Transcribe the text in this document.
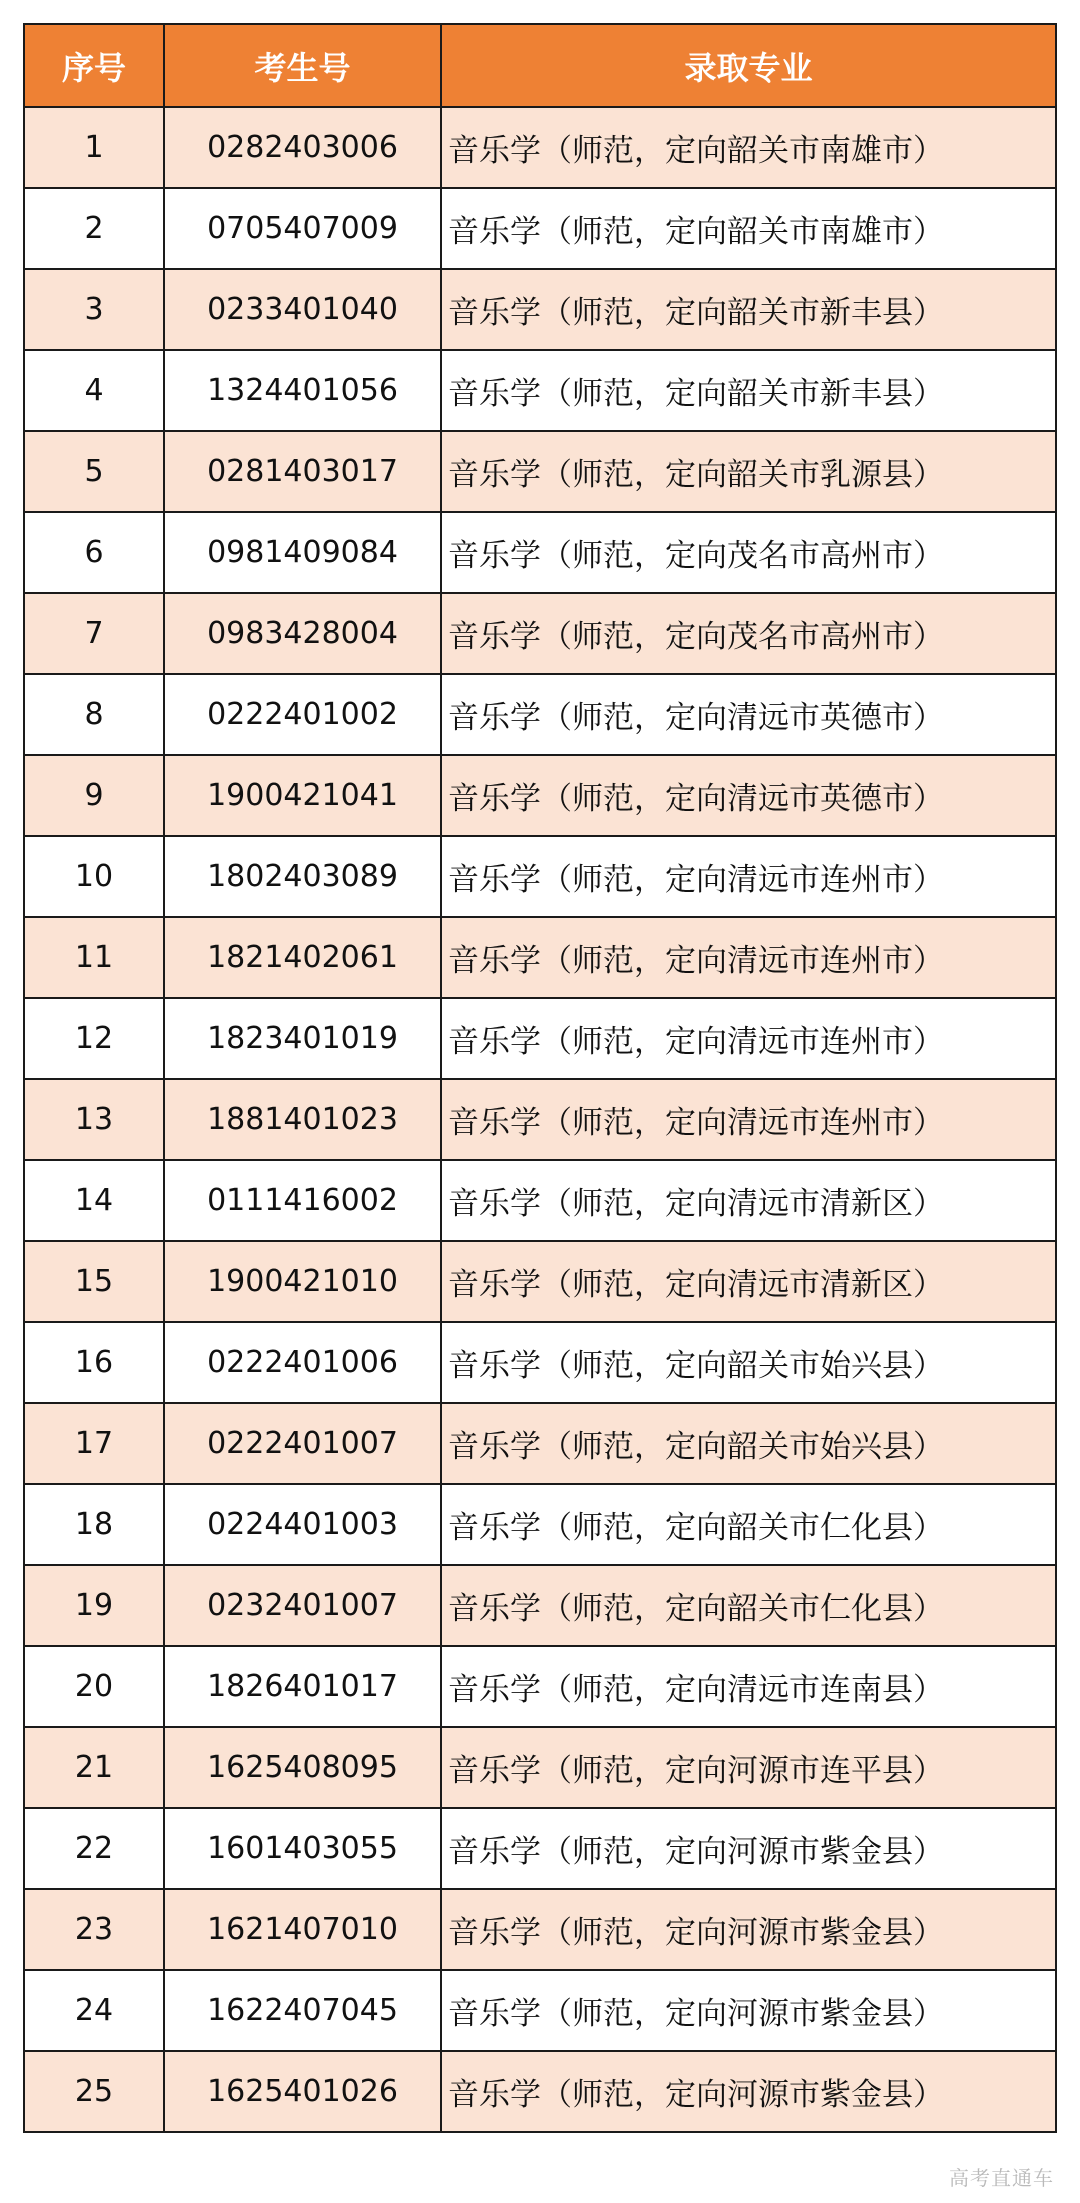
序号	考生号	录取专业
1	0282403006	音乐学（师范，定向韶关市南雄市）
2	0705407009	音乐学（师范，定向韶关市南雄市）
3	0233401040	音乐学（师范，定向韶关市新丰县）
4	1324401056	音乐学（师范，定向韶关市新丰县）
5	0281403017	音乐学（师范，定向韶关市乳源县）
6	0981409084	音乐学（师范，定向茂名市高州市）
7	0983428004	音乐学（师范，定向茂名市高州市）
8	0222401002	音乐学（师范，定向清远市英德市）
9	1900421041	音乐学（师范，定向清远市英德市）
10	1802403089	音乐学（师范，定向清远市连州市）
11	1821402061	音乐学（师范，定向清远市连州市）
12	1823401019	音乐学（师范，定向清远市连州市）
13	1881401023	音乐学（师范，定向清远市连州市）
14	0111416002	音乐学（师范，定向清远市清新区）
15	1900421010	音乐学（师范，定向清远市清新区）
16	0222401006	音乐学（师范，定向韶关市始兴县）
17	0222401007	音乐学（师范，定向韶关市始兴县）
18	0224401003	音乐学（师范，定向韶关市仁化县）
19	0232401007	音乐学（师范，定向韶关市仁化县）
20	1826401017	音乐学（师范，定向清远市连南县）
21	1625408095	音乐学（师范，定向河源市连平县）
22	1601403055	音乐学（师范，定向河源市紫金县）
23	1621407010	音乐学（师范，定向河源市紫金县）
24	1622407045	音乐学（师范，定向河源市紫金县）
25	1625401026	音乐学（师范，定向河源市紫金县）
高考直通车
